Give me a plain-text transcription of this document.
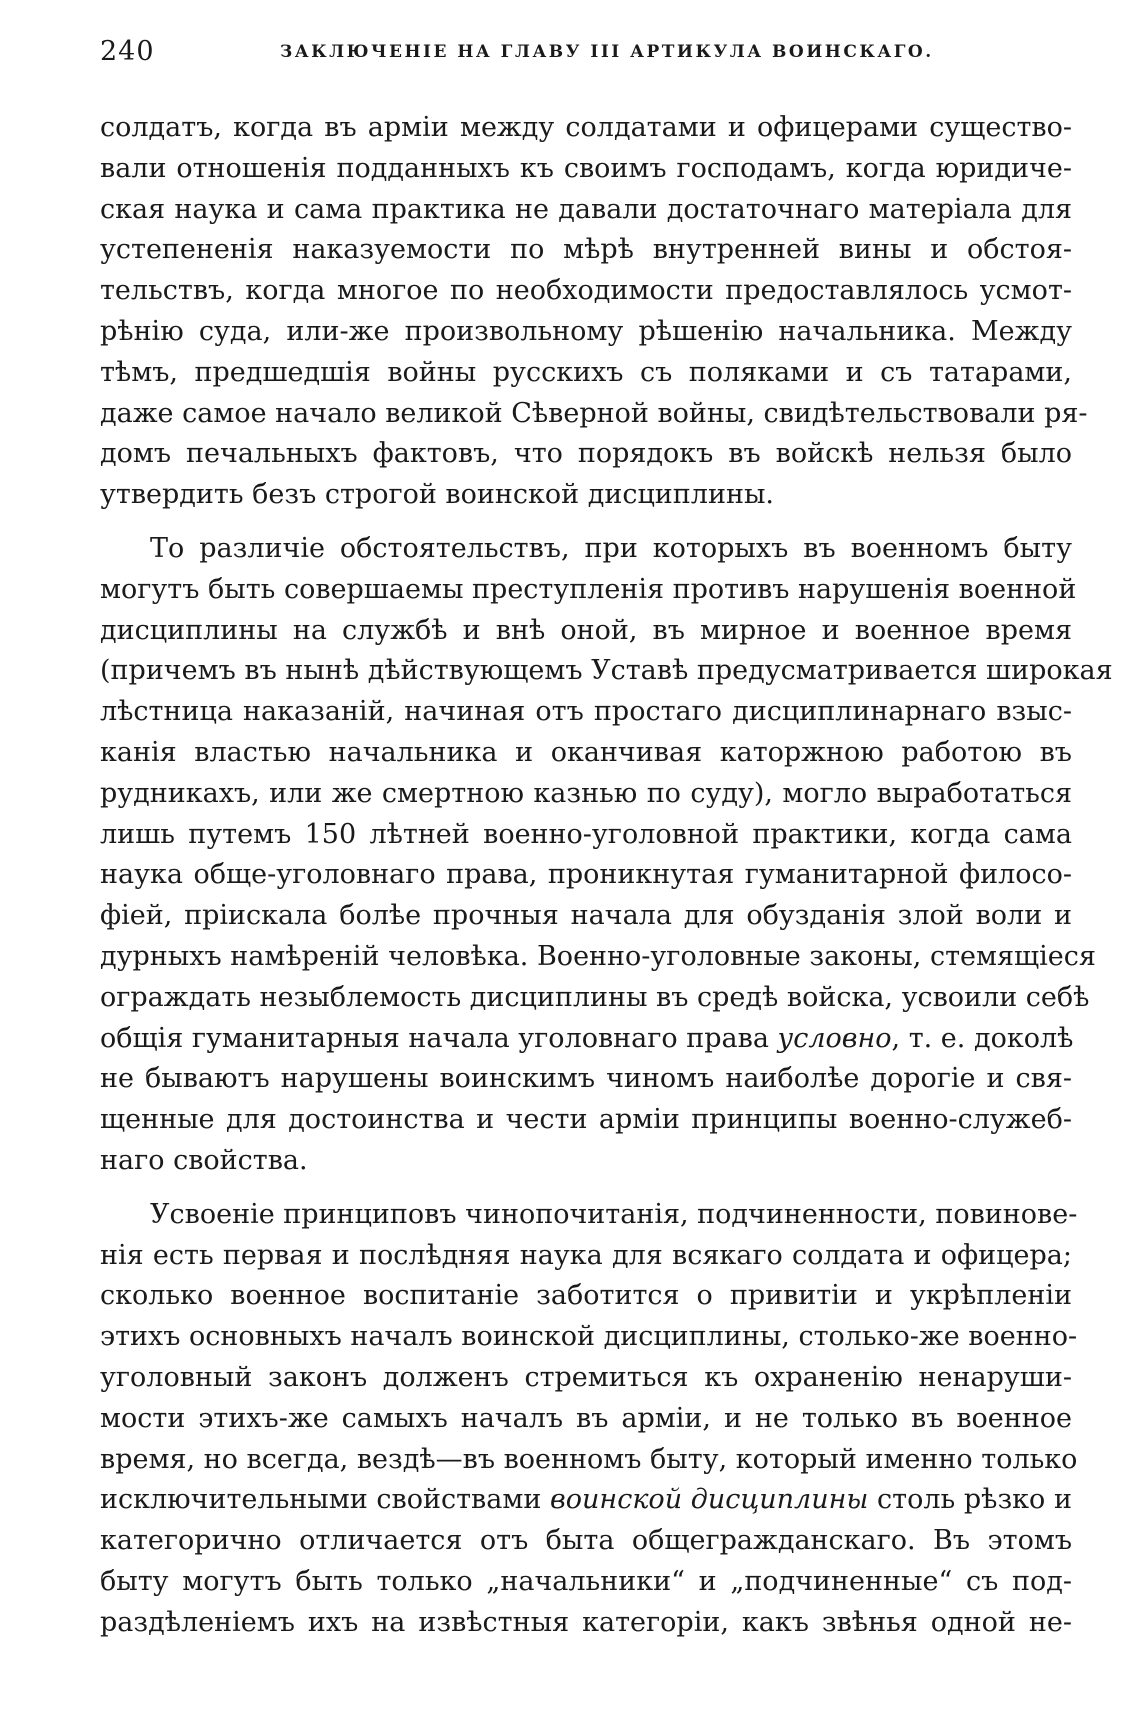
240	ЗАКЛЮЧЕНІЕ НА ГЛАВУ III АРТИКУЛА ВОИНСКАГО.
солдатъ, когда въ арміи между солдатами и офицерами существо-
вали отношенія подданныхъ къ своимъ господамъ, когда юридиче-
ская наука и сама практика не давали достаточнаго матеріала для
устепененія наказуемости по мѣрѣ внутренней вины и обстоя-
тельствъ, когда многое по необходимости предоставлялось усмот-
рѣнію суда, или-же произвольному рѣшенію начальника. Между
тѣмъ, предшедшія войны русскихъ съ поляками и съ татарами,
даже самое начало великой Сѣверной войны, свидѣтельствовали ря-
домъ печальныхъ фактовъ, что порядокъ въ войскѣ нельзя было
утвердить безъ строгой воинской дисциплины.
То различіе обстоятельствъ, при которыхъ въ военномъ быту
могутъ быть совершаемы преступленія противъ нарушенія военной
дисциплины на службѣ и внѣ оной, въ мирное и военное время
(причемъ въ нынѣ дѣйствующемъ Уставѣ предусматривается широкая
лѣстница наказаній, начиная отъ простаго дисциплинарнаго взыс-
канія властью начальника и оканчивая каторжною работою въ
рудникахъ, или же смертною казнью по суду), могло выработаться
лишь путемъ 150 лѣтней военно-уголовной практики, когда сама
наука обще-уголовнаго права, проникнутая гуманитарной филосо-
фіей, пріискала болѣе прочныя начала для обузданія злой воли и
дурныхъ намѣреній человѣка. Военно-уголовные законы, стемящіеся
ограждать незыблемость дисциплины въ средѣ войска, усвоили себѣ
общія гуманитарныя начала уголовнаго права условно, т. е. доколѣ
не бываютъ нарушены воинскимъ чиномъ наиболѣе дорогіе и свя-
щенные для достоинства и чести арміи принципы военно-служеб-
наго свойства.
Усвоеніе принциповъ чинопочитанія, подчиненности, повинове-
нія есть первая и послѣдняя наука для всякаго солдата и офицера;
сколько военное воспитаніе заботится о привитіи и укрѣпленіи
этихъ основныхъ началъ воинской дисциплины, столько-же военно-
уголовный законъ долженъ стремиться къ охраненію ненаруши-
мости этихъ-же самыхъ началъ въ арміи, и не только въ военное
время, но всегда, вездѣ—въ военномъ быту, который именно только
исключительными свойствами воинской дисциплины столь рѣзко и
категорично отличается отъ быта общегражданскаго. Въ этомъ
быту могутъ быть только „начальники“ и „подчиненные“ съ под-
раздѣленіемъ ихъ на извѣстныя категоріи, какъ звѣнья одной не-
